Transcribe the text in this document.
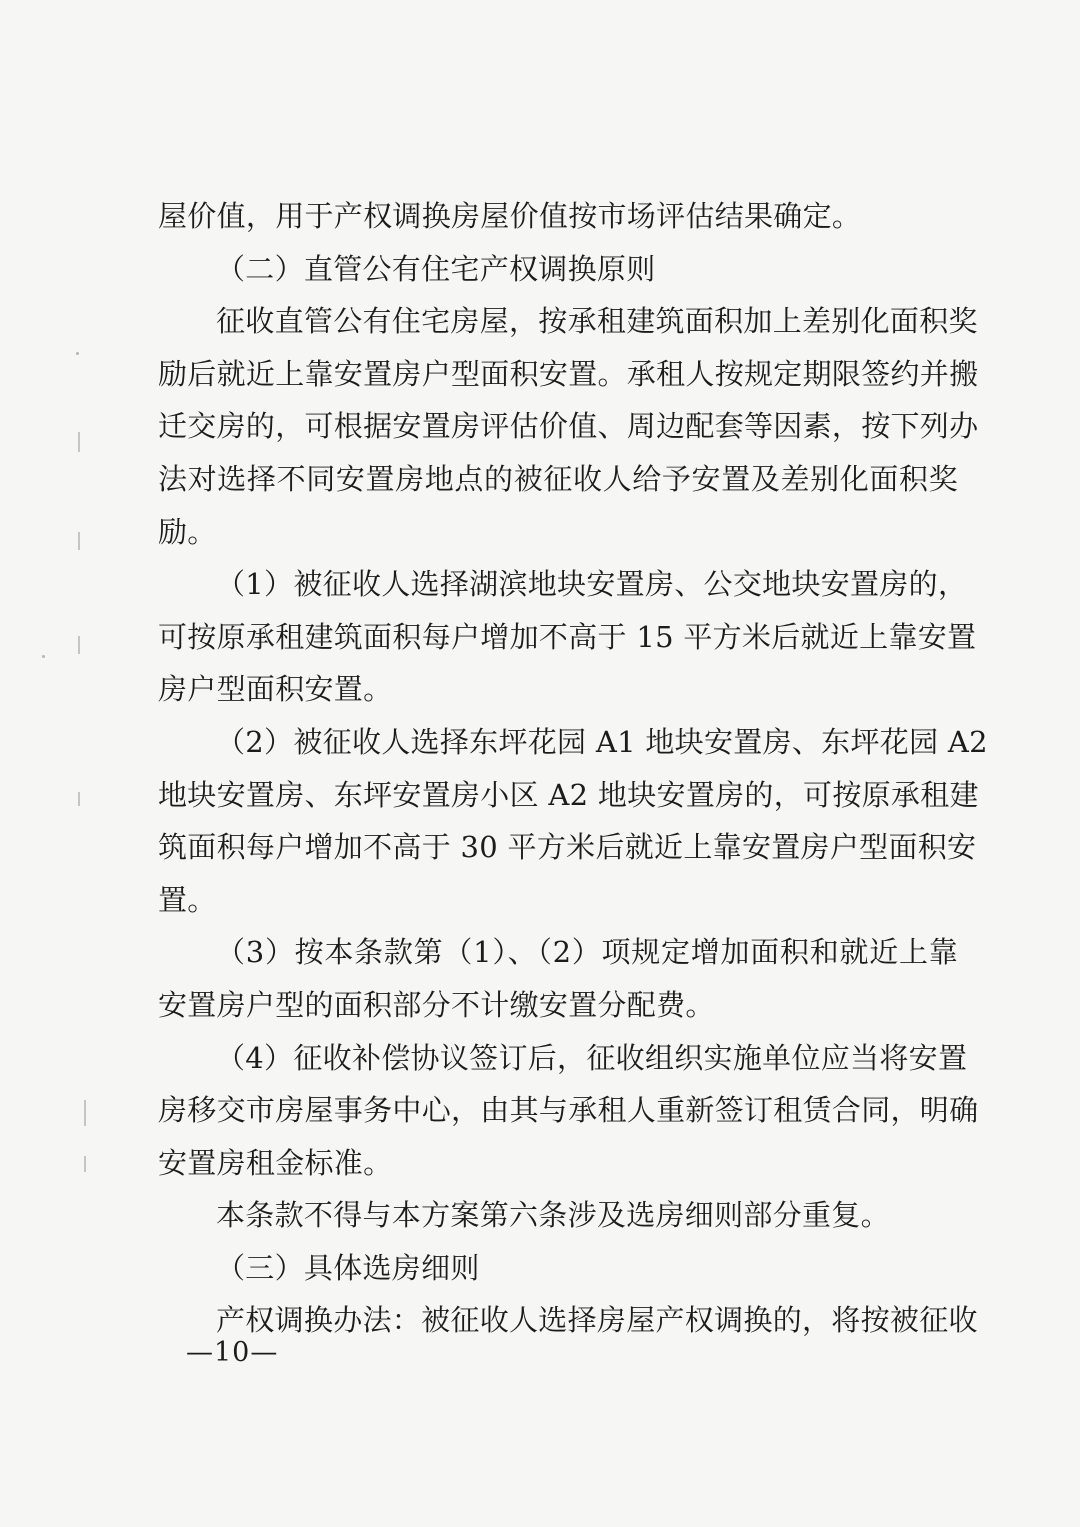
屋价值，用于产权调换房屋价值按市场评估结果确定。
（二）直管公有住宅产权调换原则
征收直管公有住宅房屋，按承租建筑面积加上差别化面积奖
励后就近上靠安置房户型面积安置。承租人按规定期限签约并搬
迁交房的，可根据安置房评估价值、周边配套等因素，按下列办
法对选择不同安置房地点的被征收人给予安置及差别化面积奖
励。
（1）被征收人选择湖滨地块安置房、公交地块安置房的，
可按原承租建筑面积每户增加不高于 15 平方米后就近上靠安置
房户型面积安置。
（2）被征收人选择东坪花园 A1 地块安置房、东坪花园 A2
地块安置房、东坪安置房小区 A2 地块安置房的，可按原承租建
筑面积每户增加不高于 30 平方米后就近上靠安置房户型面积安
置。
（3）按本条款第（1）、（2）项规定增加面积和就近上靠
安置房户型的面积部分不计缴安置分配费。
（4）征收补偿协议签订后，征收组织实施单位应当将安置
房移交市房屋事务中心，由其与承租人重新签订租赁合同，明确
安置房租金标准。
本条款不得与本方案第六条涉及选房细则部分重复。
（三）具体选房细则
产权调换办法：被征收人选择房屋产权调换的，将按被征收
—10—
